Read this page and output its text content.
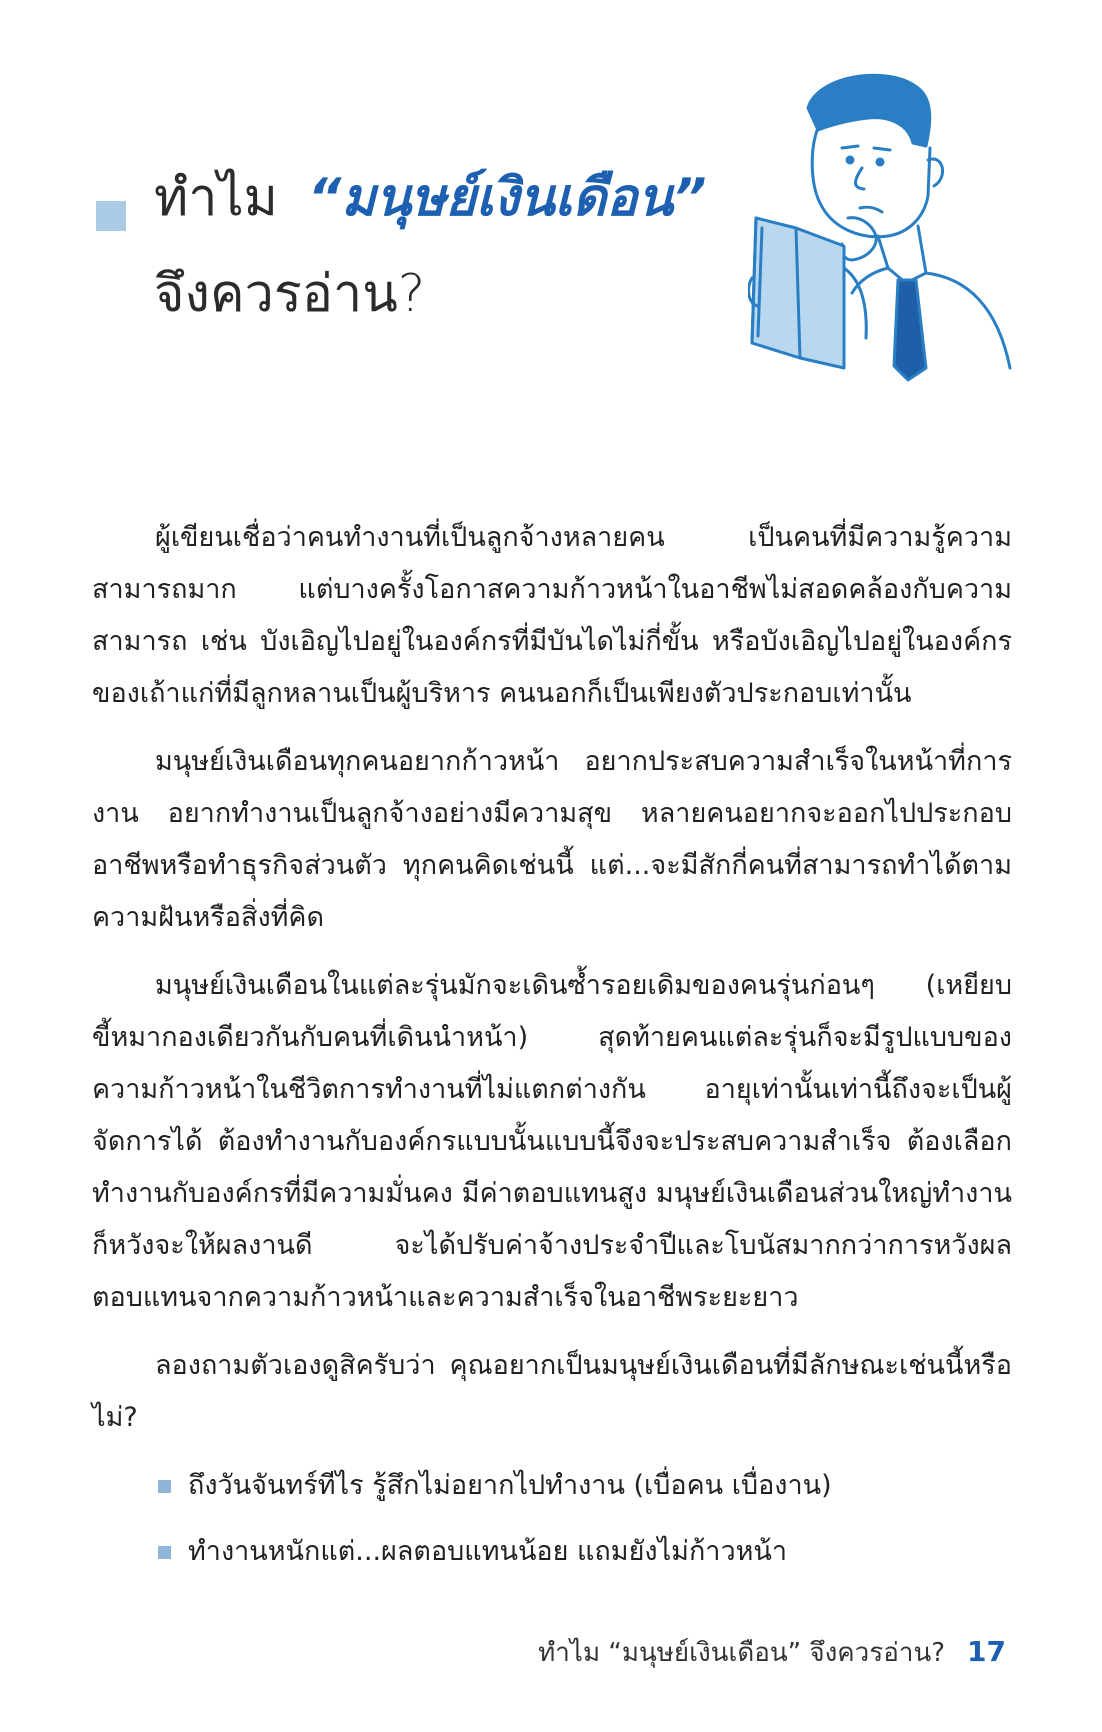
ทำไม “มนุษย์เงินเดือน”
จึงควรอ่าน?

ผู้เขียนเชื่อว่าคนทำงานที่เป็นลูกจ้างหลายคน เป็นคนที่มีความรู้ความสามารถมาก แต่บางครั้งโอกาสความก้าวหน้าในอาชีพไม่สอดคล้องกับความสามารถ เช่น บังเอิญไปอยู่ในองค์กรที่มีบันไดไม่กี่ขั้น หรือบังเอิญไปอยู่ในองค์กรของเถ้าแก่ที่มีลูกหลานเป็นผู้บริหาร คนนอกก็เป็นเพียงตัวประกอบเท่านั้น

มนุษย์เงินเดือนทุกคนอยากก้าวหน้า อยากประสบความสำเร็จในหน้าที่การงาน อยากทำงานเป็นลูกจ้างอย่างมีความสุข หลายคนอยากจะออกไปประกอบอาชีพหรือทำธุรกิจส่วนตัว ทุกคนคิดเช่นนี้ แต่...จะมีสักกี่คนที่สามารถทำได้ตามความฝันหรือสิ่งที่คิด

มนุษย์เงินเดือนในแต่ละรุ่นมักจะเดินซ้ำรอยเดิมของคนรุ่นก่อนๆ (เหยียบขี้หมากองเดียวกันกับคนที่เดินนำหน้า) สุดท้ายคนแต่ละรุ่นก็จะมีรูปแบบของความก้าวหน้าในชีวิตการทำงานที่ไม่แตกต่างกัน อายุเท่านั้นเท่านี้ถึงจะเป็นผู้จัดการได้ ต้องทำงานกับองค์กรแบบนั้นแบบนี้จึงจะประสบความสำเร็จ ต้องเลือกทำงานกับองค์กรที่มีความมั่นคง มีค่าตอบแทนสูง มนุษย์เงินเดือนส่วนใหญ่ทำงานก็หวังจะให้ผลงานดี จะได้ปรับค่าจ้างประจำปีและโบนัสมากกว่าการหวังผลตอบแทนจากความก้าวหน้าและความสำเร็จในอาชีพระยะยาว

ลองถามตัวเองดูสิครับว่า คุณอยากเป็นมนุษย์เงินเดือนที่มีลักษณะเช่นนี้หรือไม่?

ถึงวันจันทร์ทีไร รู้สึกไม่อยากไปทำงาน (เบื่อคน เบื่องาน)
ทำงานหนักแต่...ผลตอบแทนน้อย แถมยังไม่ก้าวหน้า
ทำไม “มนุษย์เงินเดือน” จึงควรอ่าน? 17
